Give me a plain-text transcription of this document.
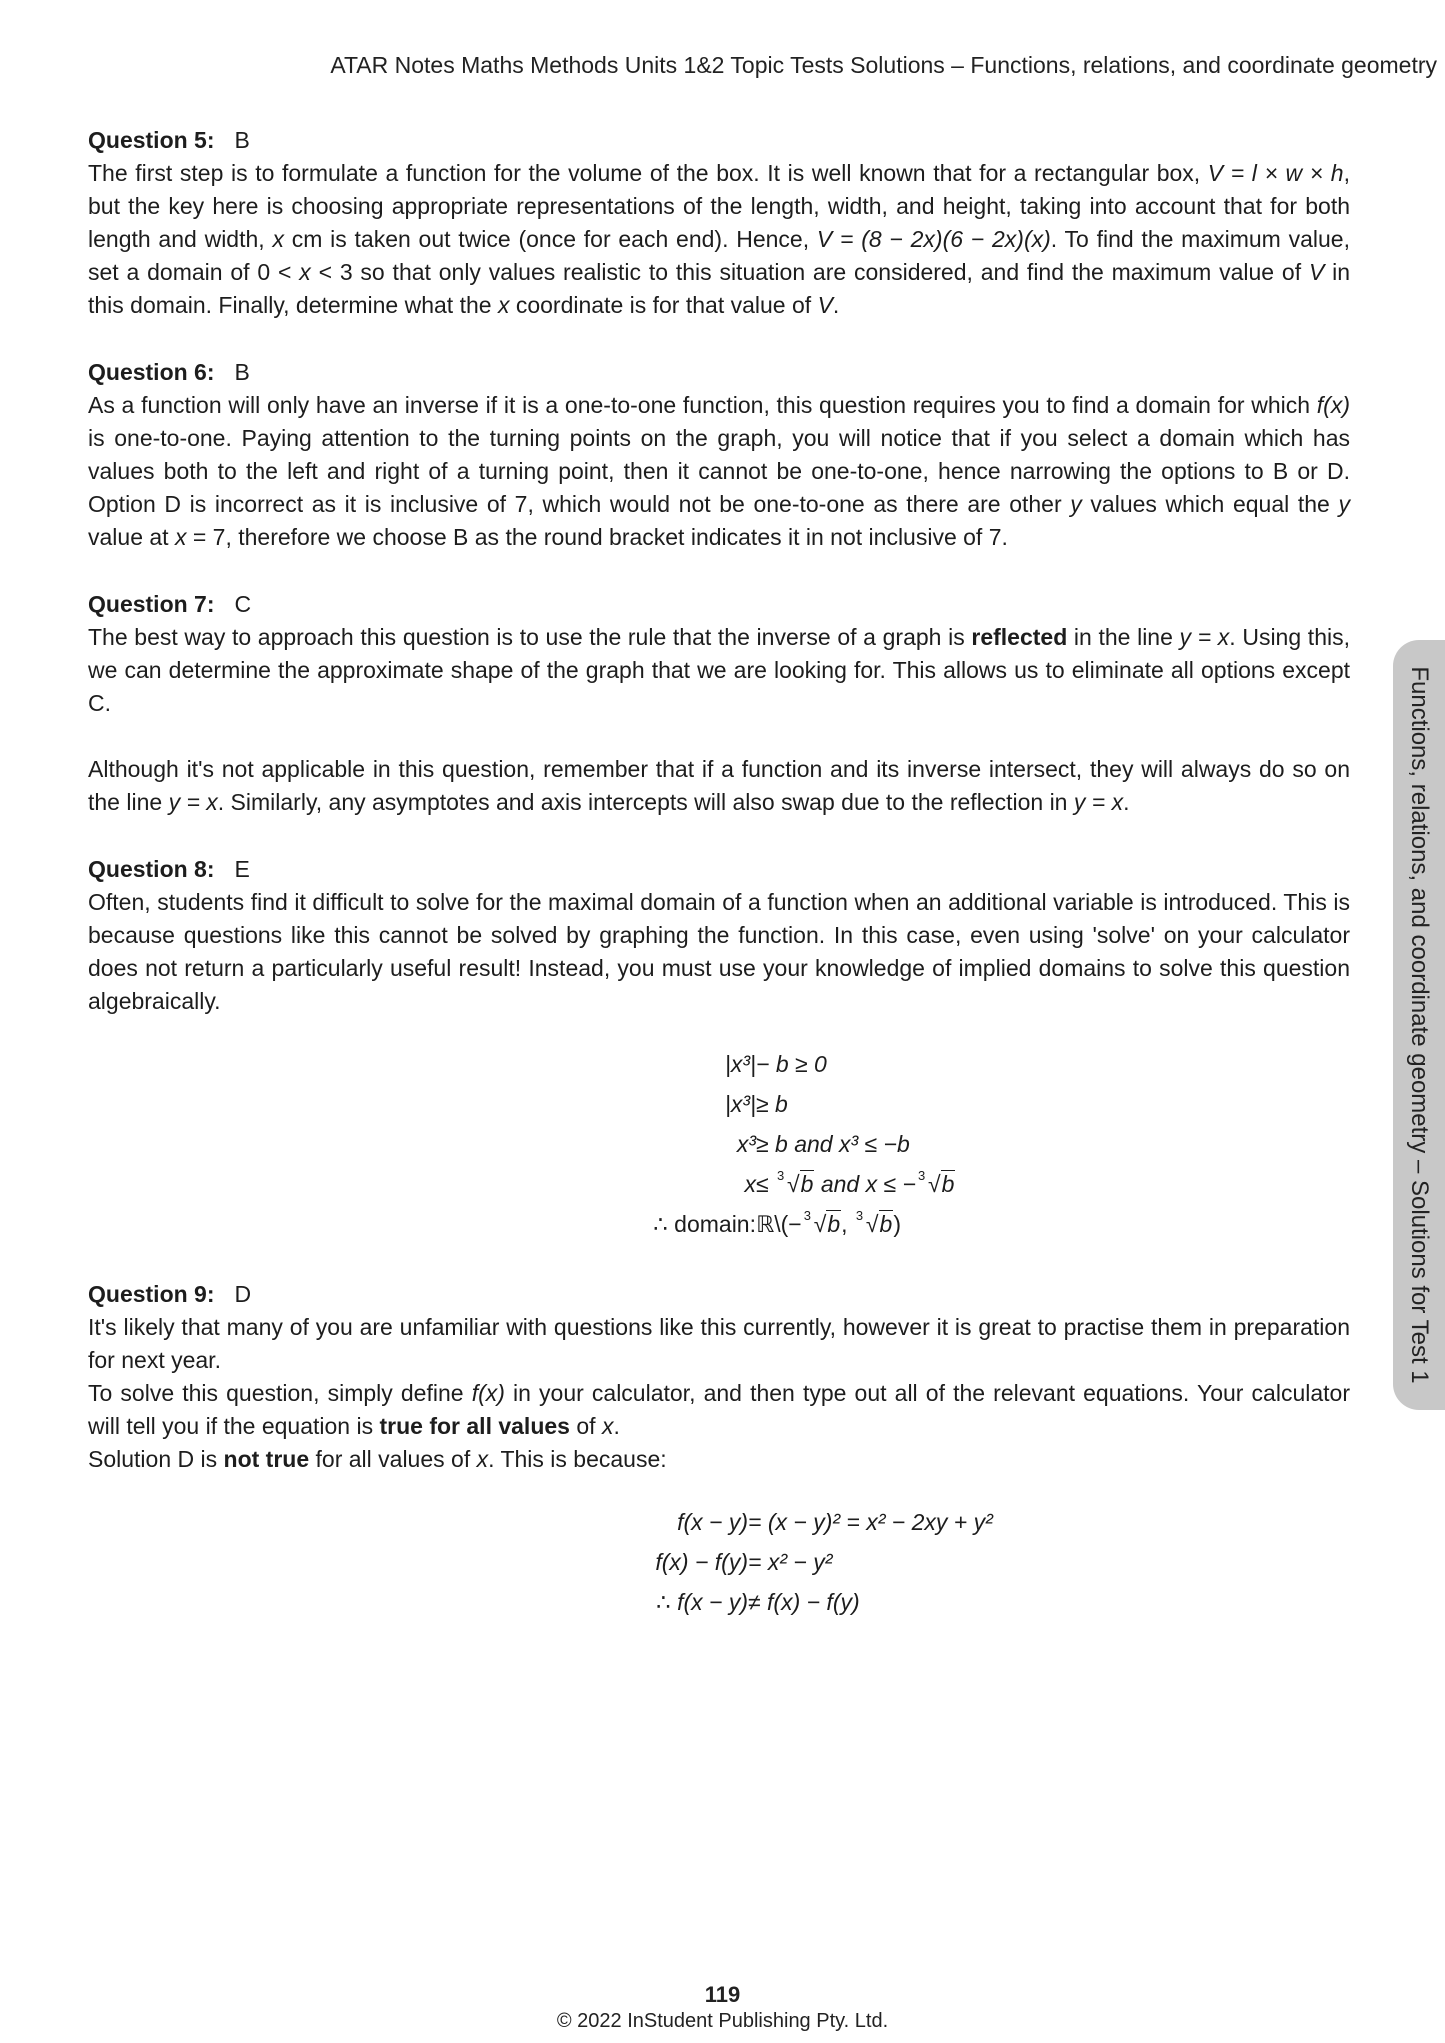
ATAR Notes Maths Methods Units 1&2 Topic Tests Solutions – Functions, relations, and coordinate geometry
Question 5: B

The first step is to formulate a function for the volume of the box. It is well known that for a rectangular box, V = l × w × h, but the key here is choosing appropriate representations of the length, width, and height, taking into account that for both length and width, x cm is taken out twice (once for each end). Hence, V = (8 − 2x)(6 − 2x)(x). To find the maximum value, set a domain of 0 < x < 3 so that only values realistic to this situation are considered, and find the maximum value of V in this domain. Finally, determine what the x coordinate is for that value of V.

Question 6: B

As a function will only have an inverse if it is a one-to-one function, this question requires you to find a domain for which f(x) is one-to-one. Paying attention to the turning points on the graph, you will notice that if you select a domain which has values both to the left and right of a turning point, then it cannot be one-to-one, hence narrowing the options to B or D. Option D is incorrect as it is inclusive of 7, which would not be one-to-one as there are other y values which equal the y value at x = 7, therefore we choose B as the round bracket indicates it in not inclusive of 7.

Question 7: C

The best way to approach this question is to use the rule that the inverse of a graph is reflected in the line y = x. Using this, we can determine the approximate shape of the graph that we are looking for. This allows us to eliminate all options except C.

Although it's not applicable in this question, remember that if a function and its inverse intersect, they will always do so on the line y = x. Similarly, any asymptotes and axis intercepts will also swap due to the reflection in y = x.

Question 8: E

Often, students find it difficult to solve for the maximal domain of a function when an additional variable is introduced. This is because questions like this cannot be solved by graphing the function. In this case, even using 'solve' on your calculator does not return a particularly useful result! Instead, you must use your knowledge of implied domains to solve this question algebraically.

|x³| − b ≥ 0
|x³| ≥ b
x³ ≥ b and x³ ≤ −b
x ≤ 3 √b and x ≤ − 3 √b
∴ domain: ℝ\(− 3 √b, 3 √b)
Question 9: D

It's likely that many of you are unfamiliar with questions like this currently, however it is great to practise them in preparation for next year.

To solve this question, simply define f(x) in your calculator, and then type out all of the relevant equations. Your calculator will tell you if the equation is true for all values of x.

Solution D is not true for all values of x. This is because:

f(x − y) = (x − y)² = x² − 2xy + y²
f(x) − f(y) = x² − y²
∴ f(x − y) ≠ f(x) − f(y)
Functions, relations, and coordinate geometry – Solutions for Test 1
119
© 2022 InStudent Publishing Pty. Ltd.
